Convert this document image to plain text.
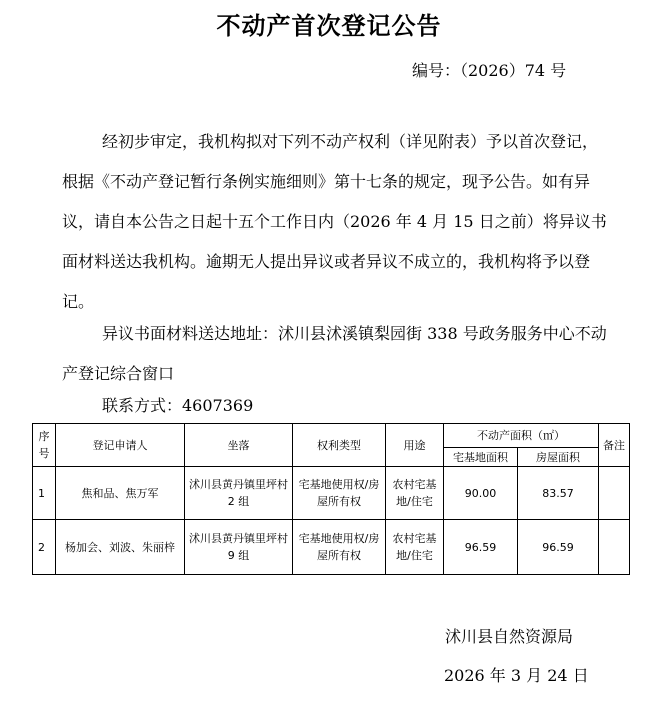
不动产首次登记公告
编号：（2026）74 号

经初步审定，我机构拟对下列不动产权利（详见附表）予以首次登记，根据《不动产登记暂行条例实施细则》第十七条的规定，现予公告。如有异议，请自本公告之日起十五个工作日内（2026 年 4 月 15 日之前）将异议书面材料送达我机构。逾期无人提出异议或者异议不成立的，我机构将予以登记。

异议书面材料送达地址：沭川县沭溪镇梨园街 338 号政务服务中心不动产登记综合窗口

联系方式：4607369
序号	登记申请人	坐落	权利类型	用途	不动产面积（㎡）		备注
					宅基地面积	房屋面积	
1	焦和品、焦万军	沭川县黄丹镇里坪村 2 组	宅基地使用权/房屋所有权	农村宅基地/住宅	90.00	83.57	
2	杨加会、刘波、朱丽梓	沭川县黄丹镇里坪村 9 组	宅基地使用权/房屋所有权	农村宅基地/住宅	96.59	96.59	
沭川县自然资源局
2026 年 3 月 24 日
